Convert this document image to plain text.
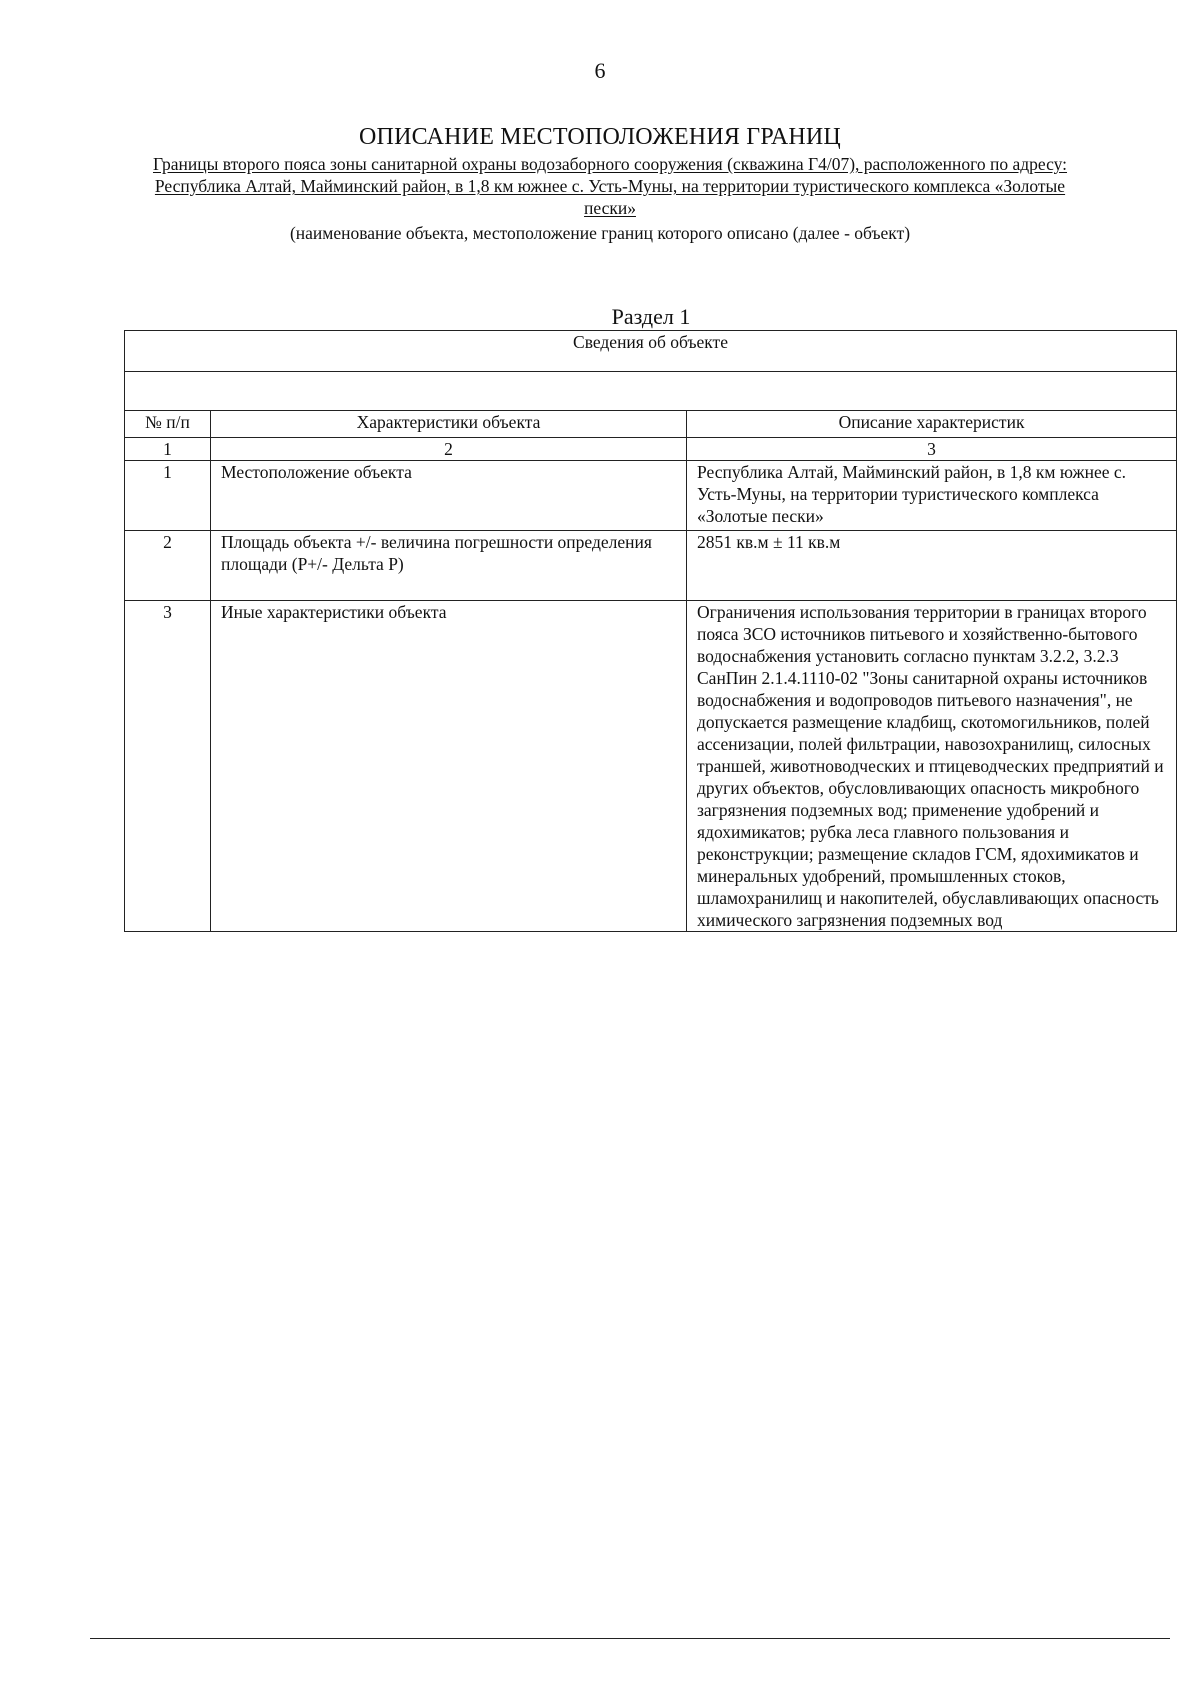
6
ОПИСАНИЕ МЕСТОПОЛОЖЕНИЯ ГРАНИЦ
Границы второго пояса зоны санитарной охраны водозаборного сооружения (скважина Г4/07), расположенного по адресу: Республика Алтай, Майминский район, в 1,8 км южнее с. Усть-Муны, на территории туристического комплекса «Золотые пески»
(наименование объекта, местоположение границ которого описано (далее - объект)
Раздел 1
Сведения об объекте		

№ п/п	Характеристики объекта	Описание характеристик
1	2	3
1	Местоположение объекта	Республика Алтай, Майминский район, в 1,8 км южнее с. Усть-Муны, на территории туристического комплекса «Золотые пески»
2	Площадь объекта +/- величина погрешности определения площади (P+/- Дельта P)	2851 кв.м ± 11 кв.м
3	Иные характеристики объекта	Ограничения использования территории в границах второго пояса ЗСО источников питьевого и хозяйственно-бытового водоснабжения установить согласно пунктам 3.2.2, 3.2.3 СанПин 2.1.4.1110-02 "Зоны санитарной охраны источников водоснабжения и водопроводов питьевого назначения", не допускается размещение кладбищ, скотомогильников, полей ассенизации, полей фильтрации, навозохранилищ, силосных траншей, животноводческих и птицеводческих предприятий и других объектов, обусловливающих опасность микробного загрязнения подземных вод; применение удобрений и ядохимикатов; рубка леса главного пользования и реконструкции; размещение складов ГСМ, ядохимикатов и минеральных удобрений, промышленных стоков, шламохранилищ и накопителей, обуславливающих опасность химического загрязнения подземных вод
